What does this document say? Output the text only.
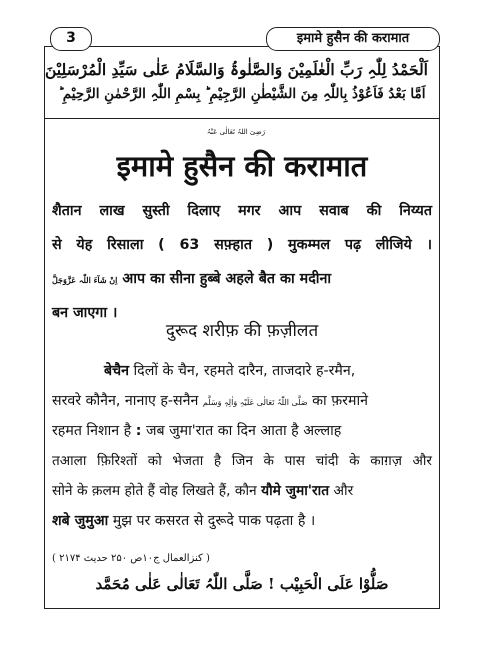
3	इमामे हुसैन की करामात
اَلْحَمْدُ لِلّٰہِ رَبِّ الْعٰلَمِیْنَ وَالصَّلٰوۃُ وَالسَّلَامُ عَلٰی سَیِّدِ الْمُرْسَلِیْنَ
اَمَّا بَعْدُ فَاَعُوْذُ بِاللّٰہِ مِنَ الشَّیْطٰنِ الرَّجِیْمِ ؕ بِسْمِ اللّٰہِ الرَّحْمٰنِ الرَّحِیْمِ ؕ
رَضِیَ اللہُ تَعَالٰی عَنْہُ
इमामे हुसैन की करामात
शैतान लाख सुस्ती दिलाए मगर आप सवाब की निय्यत
से येह रिसाला ( 63 सफ़्हात ) मुकम्मल पढ़ लीजिये ।
اِنْ شَآءَ اللّٰہ عَزَّوَجَلَّ आप का सीना हुब्बे अहले बैत का मदीना
बन जाएगा ।
दुरूद शरीफ़ की फ़ज़ीलत
बेचैन दिलों के चैन, रहमते दारैन, ताजदारे ह-रमैन,
सरवरे कौनैन, नानाए ह-सनैन صَلَّی اللّٰہُ تَعَالٰی عَلَیْہِ وَاٰلِہٖ وَسَلَّم का फ़रमाने
रहमत निशान है : जब जुमा'रात का दिन आता है अल्लाह
तआला फ़िरिश्तों को भेजता है जिन के पास चांदी के काग़ज़ और
सोने के क़लम होते हैं वोह लिखते हैं, कौन यौमे जुमा'रात और
शबे जुमुआ मुझ पर कसरत से दुरूदे पाक पढ़ता है ।
( کنزالعمال ج۱۰ص ۲۵۰ حدیث ۲۱۷۴ )
صَلُّوْا عَلَی الْحَبِیْب ! صَلَّی اللّٰہُ تَعَالٰی عَلٰی مُحَمَّد
